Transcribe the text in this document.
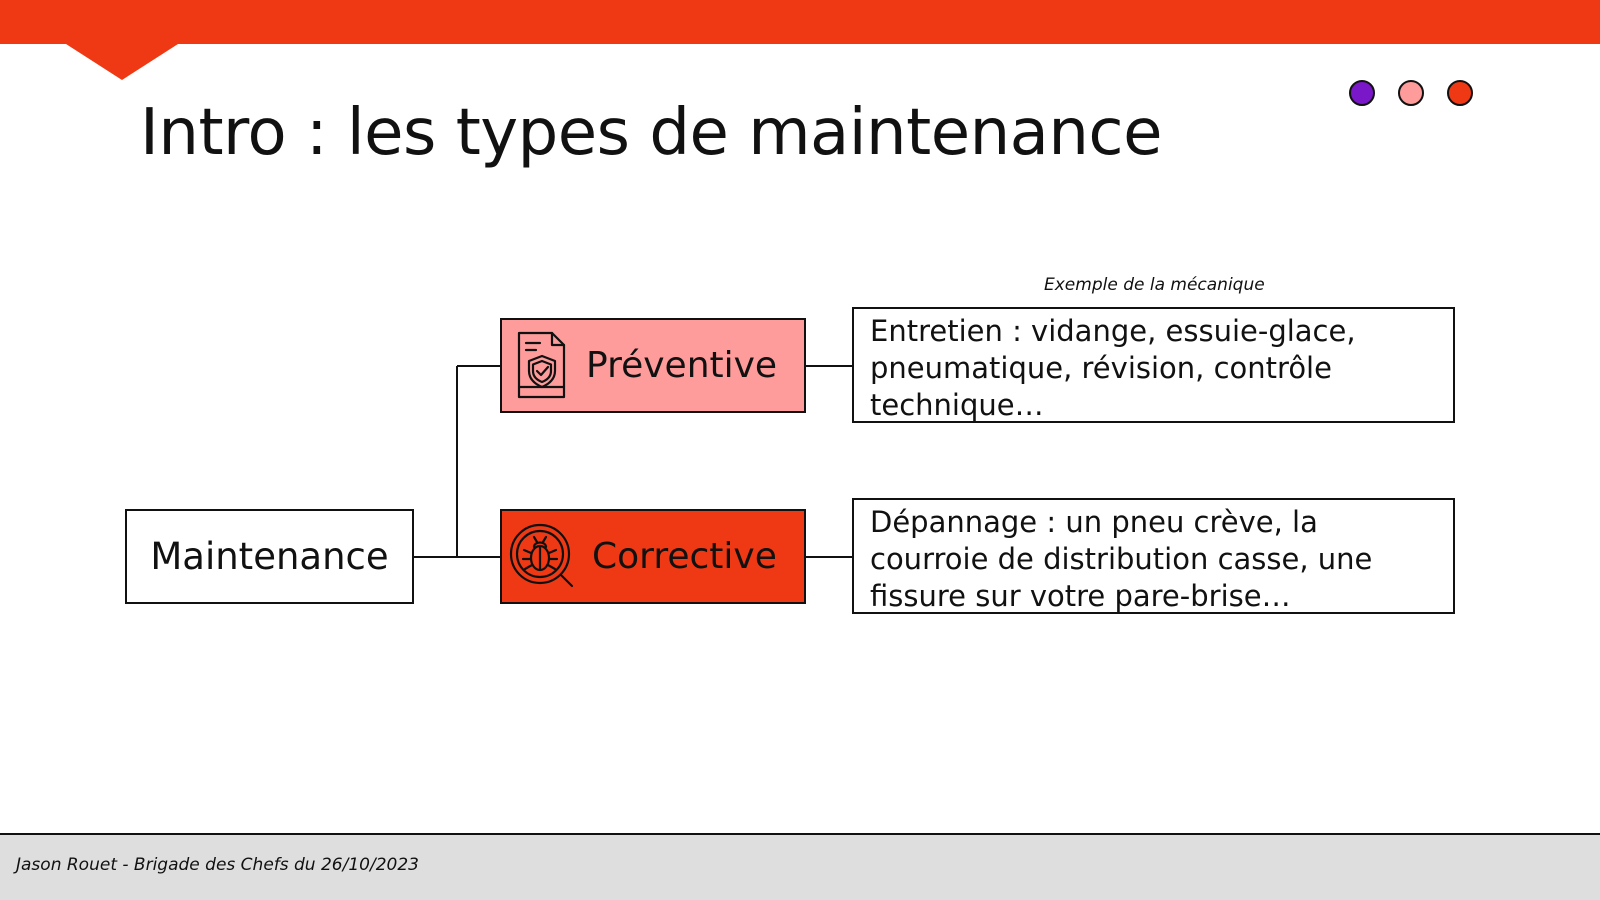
Intro : les types de maintenance
Exemple de la mécanique
Maintenance
Préventive
Corrective
Entretien : vidange, essuie-glace, pneumatique, révision, contrôle technique…
Dépannage : un pneu crève, la courroie de distribution casse, une fissure sur votre pare-brise…
Jason Rouet - Brigade des Chefs du 26/10/2023
